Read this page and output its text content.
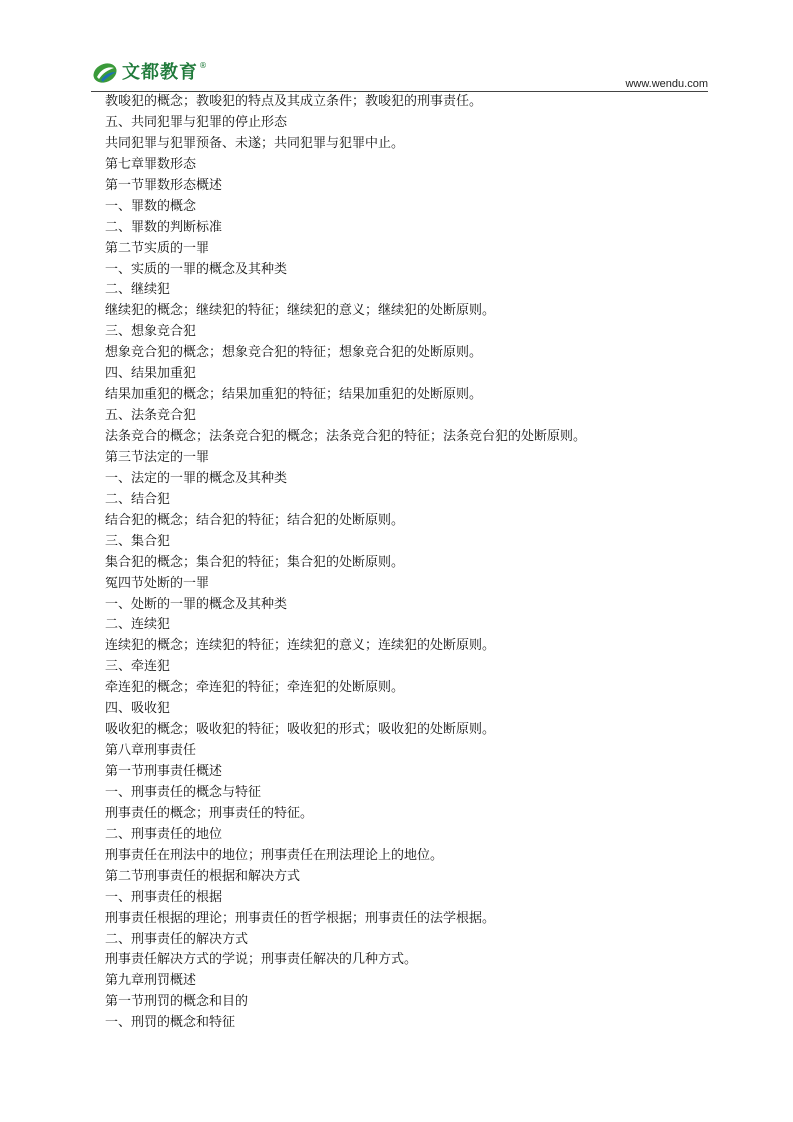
文都教育 ®
www.wendu.com
教唆犯的概念；教唆犯的特点及其成立条件；教唆犯的刑事责任。
五、共同犯罪与犯罪的停止形态
共同犯罪与犯罪预备、未遂；共同犯罪与犯罪中止。
第七章罪数形态
第一节罪数形态概述
一、罪数的概念
二、罪数的判断标准
第二节实质的一罪
一、实质的一罪的概念及其种类
二、继续犯
继续犯的概念；继续犯的特征；继续犯的意义；继续犯的处断原则。
三、想象竞合犯
想象竞合犯的概念；想象竞合犯的特征；想象竞合犯的处断原则。
四、结果加重犯
结果加重犯的概念；结果加重犯的特征；结果加重犯的处断原则。
五、法条竞合犯
法条竞合的概念；法条竞合犯的概念；法条竞合犯的特征；法条竞台犯的处断原则。
第三节法定的一罪
一、法定的一罪的概念及其种类
二、结合犯
结合犯的概念；结合犯的特征；结合犯的处断原则。
三、集合犯
集合犯的概念；集合犯的特征；集合犯的处断原则。
冤四节处断的一罪
一、处断的一罪的概念及其种类
二、连续犯
连续犯的概念；连续犯的特征；连续犯的意义；连续犯的处断原则。
三、牵连犯
牵连犯的概念；牵连犯的特征；牵连犯的处断原则。
四、吸收犯
吸收犯的概念；吸收犯的特征；吸收犯的形式；吸收犯的处断原则。
第八章刑事责任
第一节刑事责任概述
一、刑事责任的概念与特征
刑事责任的概念；刑事责任的特征。
二、刑事责任的地位
刑事责任在刑法中的地位；刑事责任在刑法理论上的地位。
第二节刑事责任的根据和解决方式
一、刑事责任的根据
刑事责任根据的理论；刑事责任的哲学根据；刑事责任的法学根据。
二、刑事责任的解决方式
刑事责任解决方式的学说；刑事责任解决的几种方式。
第九章刑罚概述
第一节刑罚的概念和目的
一、刑罚的概念和特征
